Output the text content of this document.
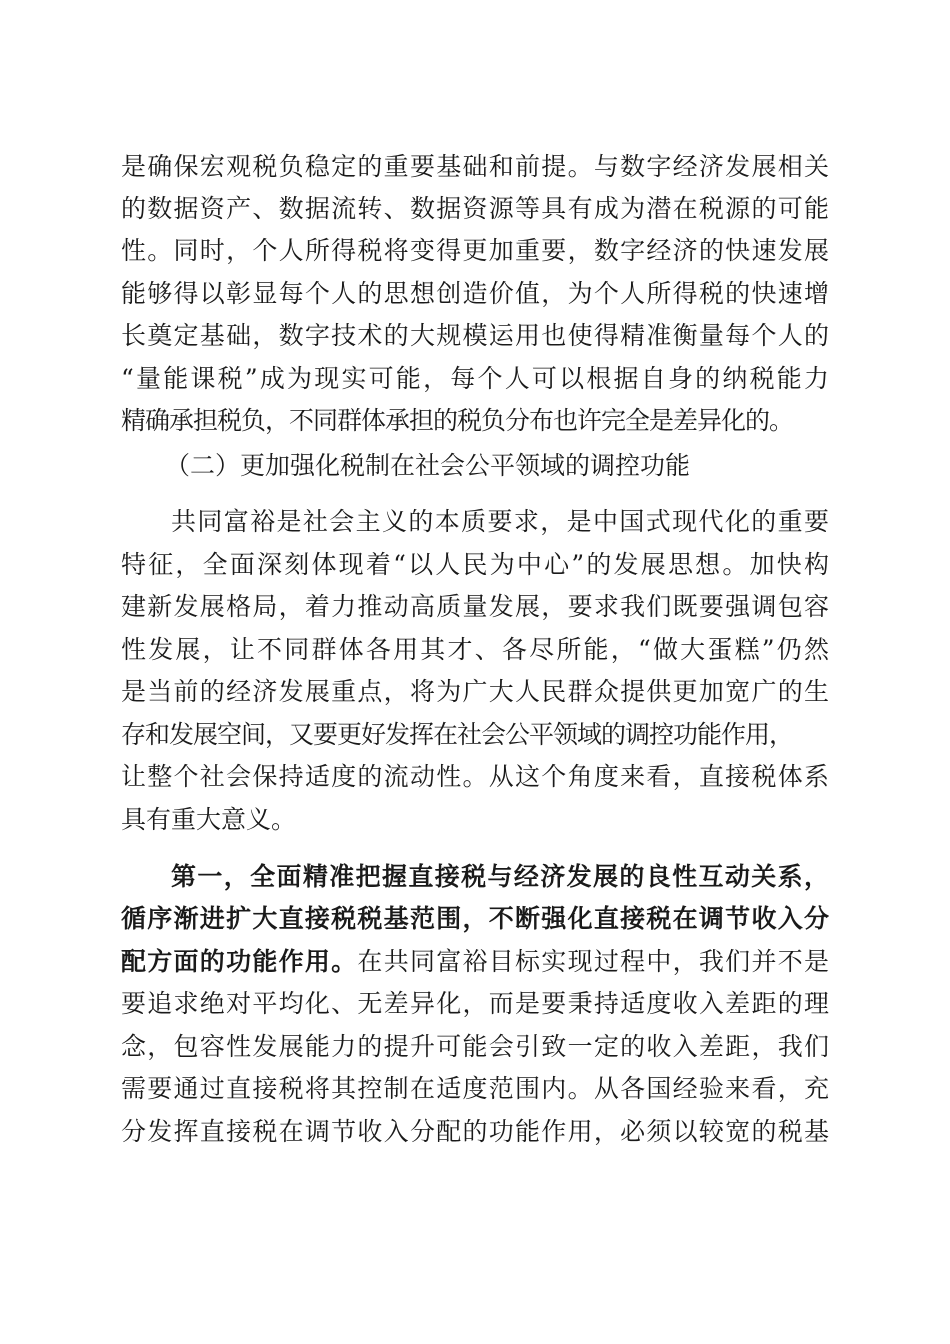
是确保宏观税负稳定的重要基础和前提。与数字经济发展相关
的数据资产、数据流转、数据资源等具有成为潜在税源的可能
性。同时，个人所得税将变得更加重要，数字经济的快速发展
能够得以彰显每个人的思想创造价值，为个人所得税的快速增
长奠定基础，数字技术的大规模运用也使得精准衡量每个人的
“量能课税”成为现实可能，每个人可以根据自身的纳税能力
精确承担税负，不同群体承担的税负分布也许完全是差异化的。
（二）更加强化税制在社会公平领域的调控功能
共同富裕是社会主义的本质要求，是中国式现代化的重要
特征，全面深刻体现着“以人民为中心”的发展思想。加快构
建新发展格局，着力推动高质量发展，要求我们既要强调包容
性发展，让不同群体各用其才、各尽所能，“做大蛋糕”仍然
是当前的经济发展重点，将为广大人民群众提供更加宽广的生
存和发展空间，又要更好发挥在社会公平领域的调控功能作用，
让整个社会保持适度的流动性。从这个角度来看，直接税体系
具有重大意义。
第一，全面精准把握直接税与经济发展的良性互动关系，
循序渐进扩大直接税税基范围，不断强化直接税在调节收入分
配方面的功能作用。在共同富裕目标实现过程中，我们并不是
要追求绝对平均化、无差异化，而是要秉持适度收入差距的理
念，包容性发展能力的提升可能会引致一定的收入差距，我们
需要通过直接税将其控制在适度范围内。从各国经验来看，充
分发挥直接税在调节收入分配的功能作用，必须以较宽的税基
